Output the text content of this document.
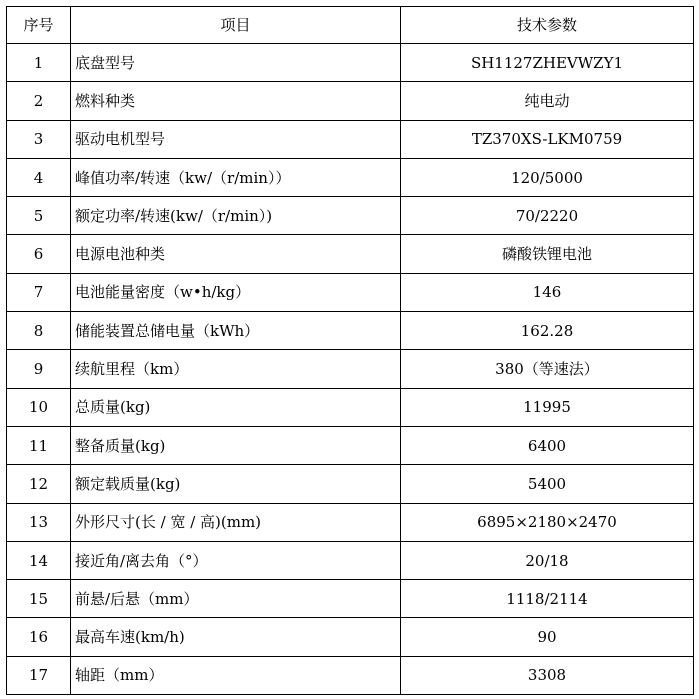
序号	项目	技术参数
1	底盘型号	SH1127ZHEVWZY1
2	燃料种类	纯电动
3	驱动电机型号	TZ370XS-LKM0759
4	峰值功率/转速（kw/（r/min））	120/5000
5	额定功率/转速(kw/（r/min）)	70/2220
6	电源电池种类	磷酸铁锂电池
7	电池能量密度（w•h/kg）	146
8	储能装置总储电量（kWh）	162.28
9	续航里程（km）	380（等速法）
10	总质量(kg)	11995
11	整备质量(kg)	6400
12	额定载质量(kg)	5400
13	外形尺寸(长 / 宽 / 高)(mm)	6895×2180×2470
14	接近角/离去角（°）	20/18
15	前悬/后悬（mm）	1118/2114
16	最高车速(km/h)	90
17	轴距（mm）	3308
